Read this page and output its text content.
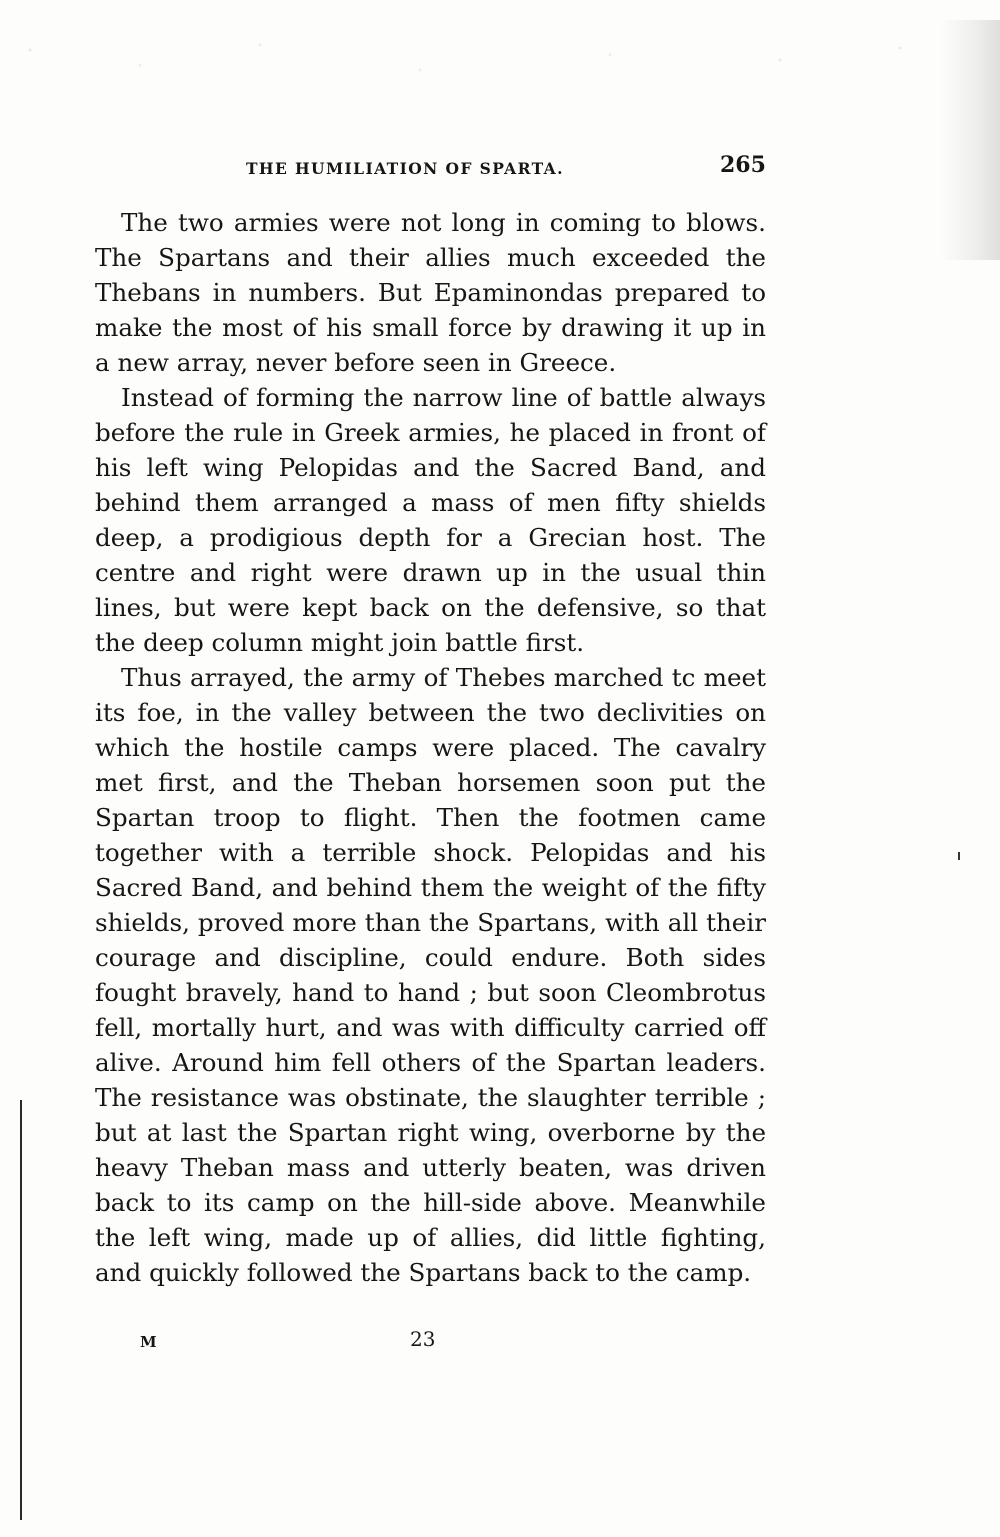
THE HUMILIATION OF SPARTA.	265

The two armies were not long in coming to blows. The Spartans and their allies much exceeded the Thebans in numbers. But Epaminondas prepared to make the most of his small force by drawing it up in a new array, never before seen in Greece.

Instead of forming the narrow line of battle always before the rule in Greek armies, he placed in front of his left wing Pelopidas and the Sacred Band, and behind them arranged a mass of men fifty shields deep, a prodigious depth for a Grecian host. The centre and right were drawn up in the usual thin lines, but were kept back on the defensive, so that the deep column might join battle first.

Thus arrayed, the army of Thebes marched tc meet its foe, in the valley between the two declivities on which the hostile camps were placed. The cavalry met first, and the Theban horsemen soon put the Spartan troop to flight. Then the footmen came together with a terrible shock. Pelopidas and his Sacred Band, and behind them the weight of the fifty shields, proved more than the Spartans, with all their courage and discipline, could endure. Both sides fought bravely, hand to hand ; but soon Cleombrotus fell, mortally hurt, and was with difficulty carried off alive. Around him fell others of the Spartan leaders. The resistance was obstinate, the slaughter terrible ; but at last the Spartan right wing, overborne by the heavy Theban mass and utterly beaten, was driven back to its camp on the hill-side above. Meanwhile the left wing, made up of allies, did little fighting, and quickly followed the Spartans back to the camp.

M	23
